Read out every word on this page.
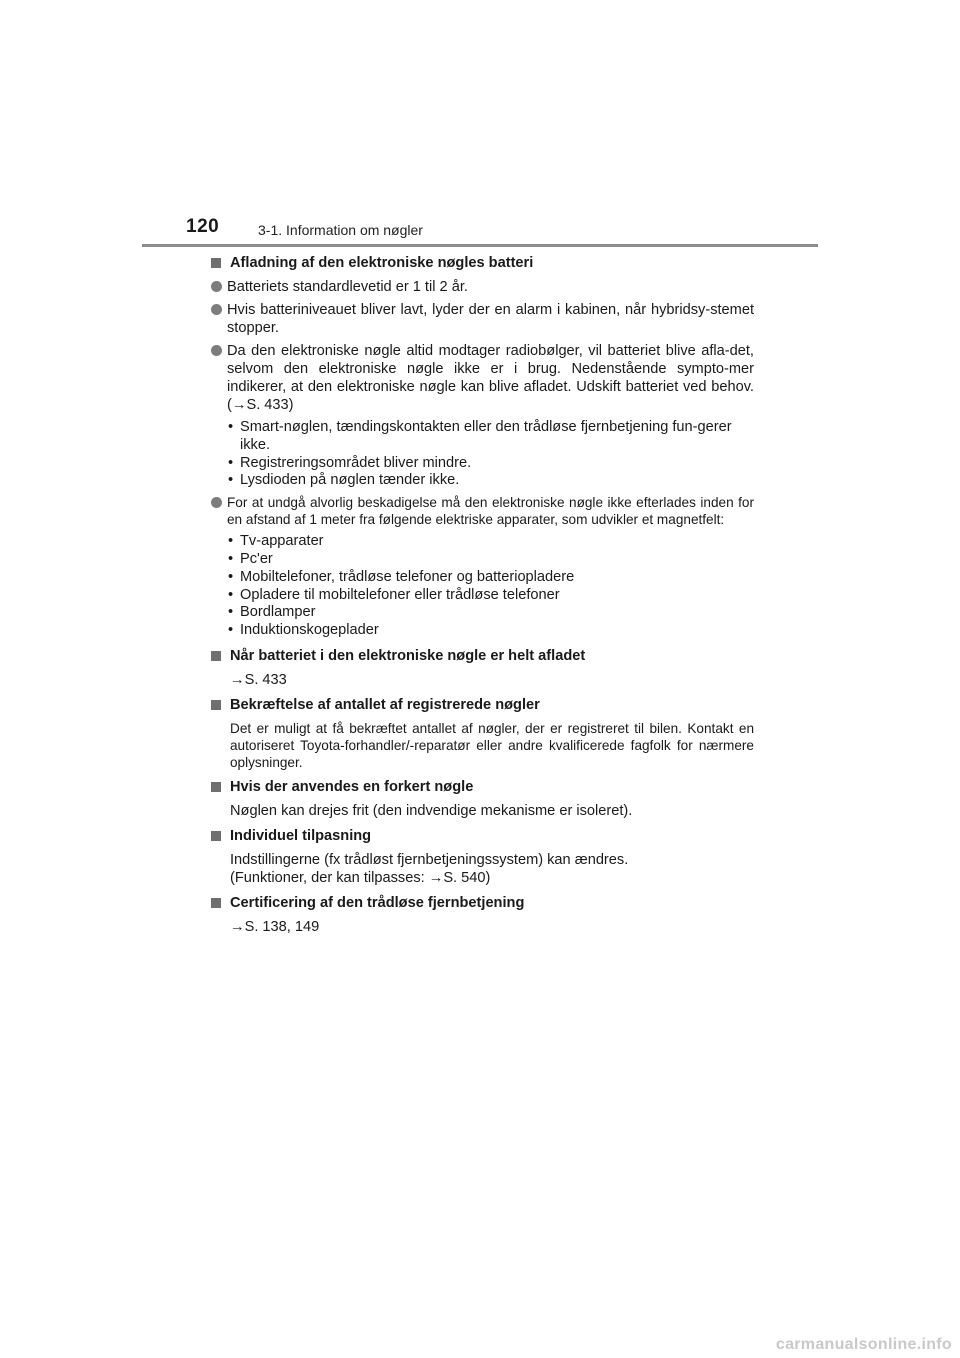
120	3-1. Information om nøgler
Afladning af den elektroniske nøgles batteri
Batteriets standardlevetid er 1 til 2 år.
Hvis batteriniveauet bliver lavt, lyder der en alarm i kabinen, når hybridsy-stemet stopper.
Da den elektroniske nøgle altid modtager radiobølger, vil batteriet blive afla-det, selvom den elektroniske nøgle ikke er i brug. Nedenstående sympto-mer indikerer, at den elektroniske nøgle kan blive afladet. Udskift batteriet ved behov. (→S. 433)
• Smart-nøglen, tændingskontakten eller den trådløse fjernbetjening fun-gerer ikke.
• Registreringsområdet bliver mindre.
• Lysdioden på nøglen tænder ikke.
For at undgå alvorlig beskadigelse må den elektroniske nøgle ikke efterlades inden for en afstand af 1 meter fra følgende elektriske apparater, som udvikler et magnetfelt:
• Tv-apparater
• Pc'er
• Mobiltelefoner, trådløse telefoner og batteriopladere
• Opladere til mobiltelefoner eller trådløse telefoner
• Bordlamper
• Induktionskogeplader
Når batteriet i den elektroniske nøgle er helt afladet
→S. 433
Bekræftelse af antallet af registrerede nøgler
Det er muligt at få bekræftet antallet af nøgler, der er registreret til bilen. Kontakt en autoriseret Toyota-forhandler/-reparatør eller andre kvalificerede fagfolk for nærmere oplysninger.
Hvis der anvendes en forkert nøgle
Nøglen kan drejes frit (den indvendige mekanisme er isoleret).
Individuel tilpasning
Indstillingerne (fx trådløst fjernbetjeningssystem) kan ændres.
(Funktioner, der kan tilpasses: →S. 540)
Certificering af den trådløse fjernbetjening
→S. 138, 149
carmanualsonline.info
